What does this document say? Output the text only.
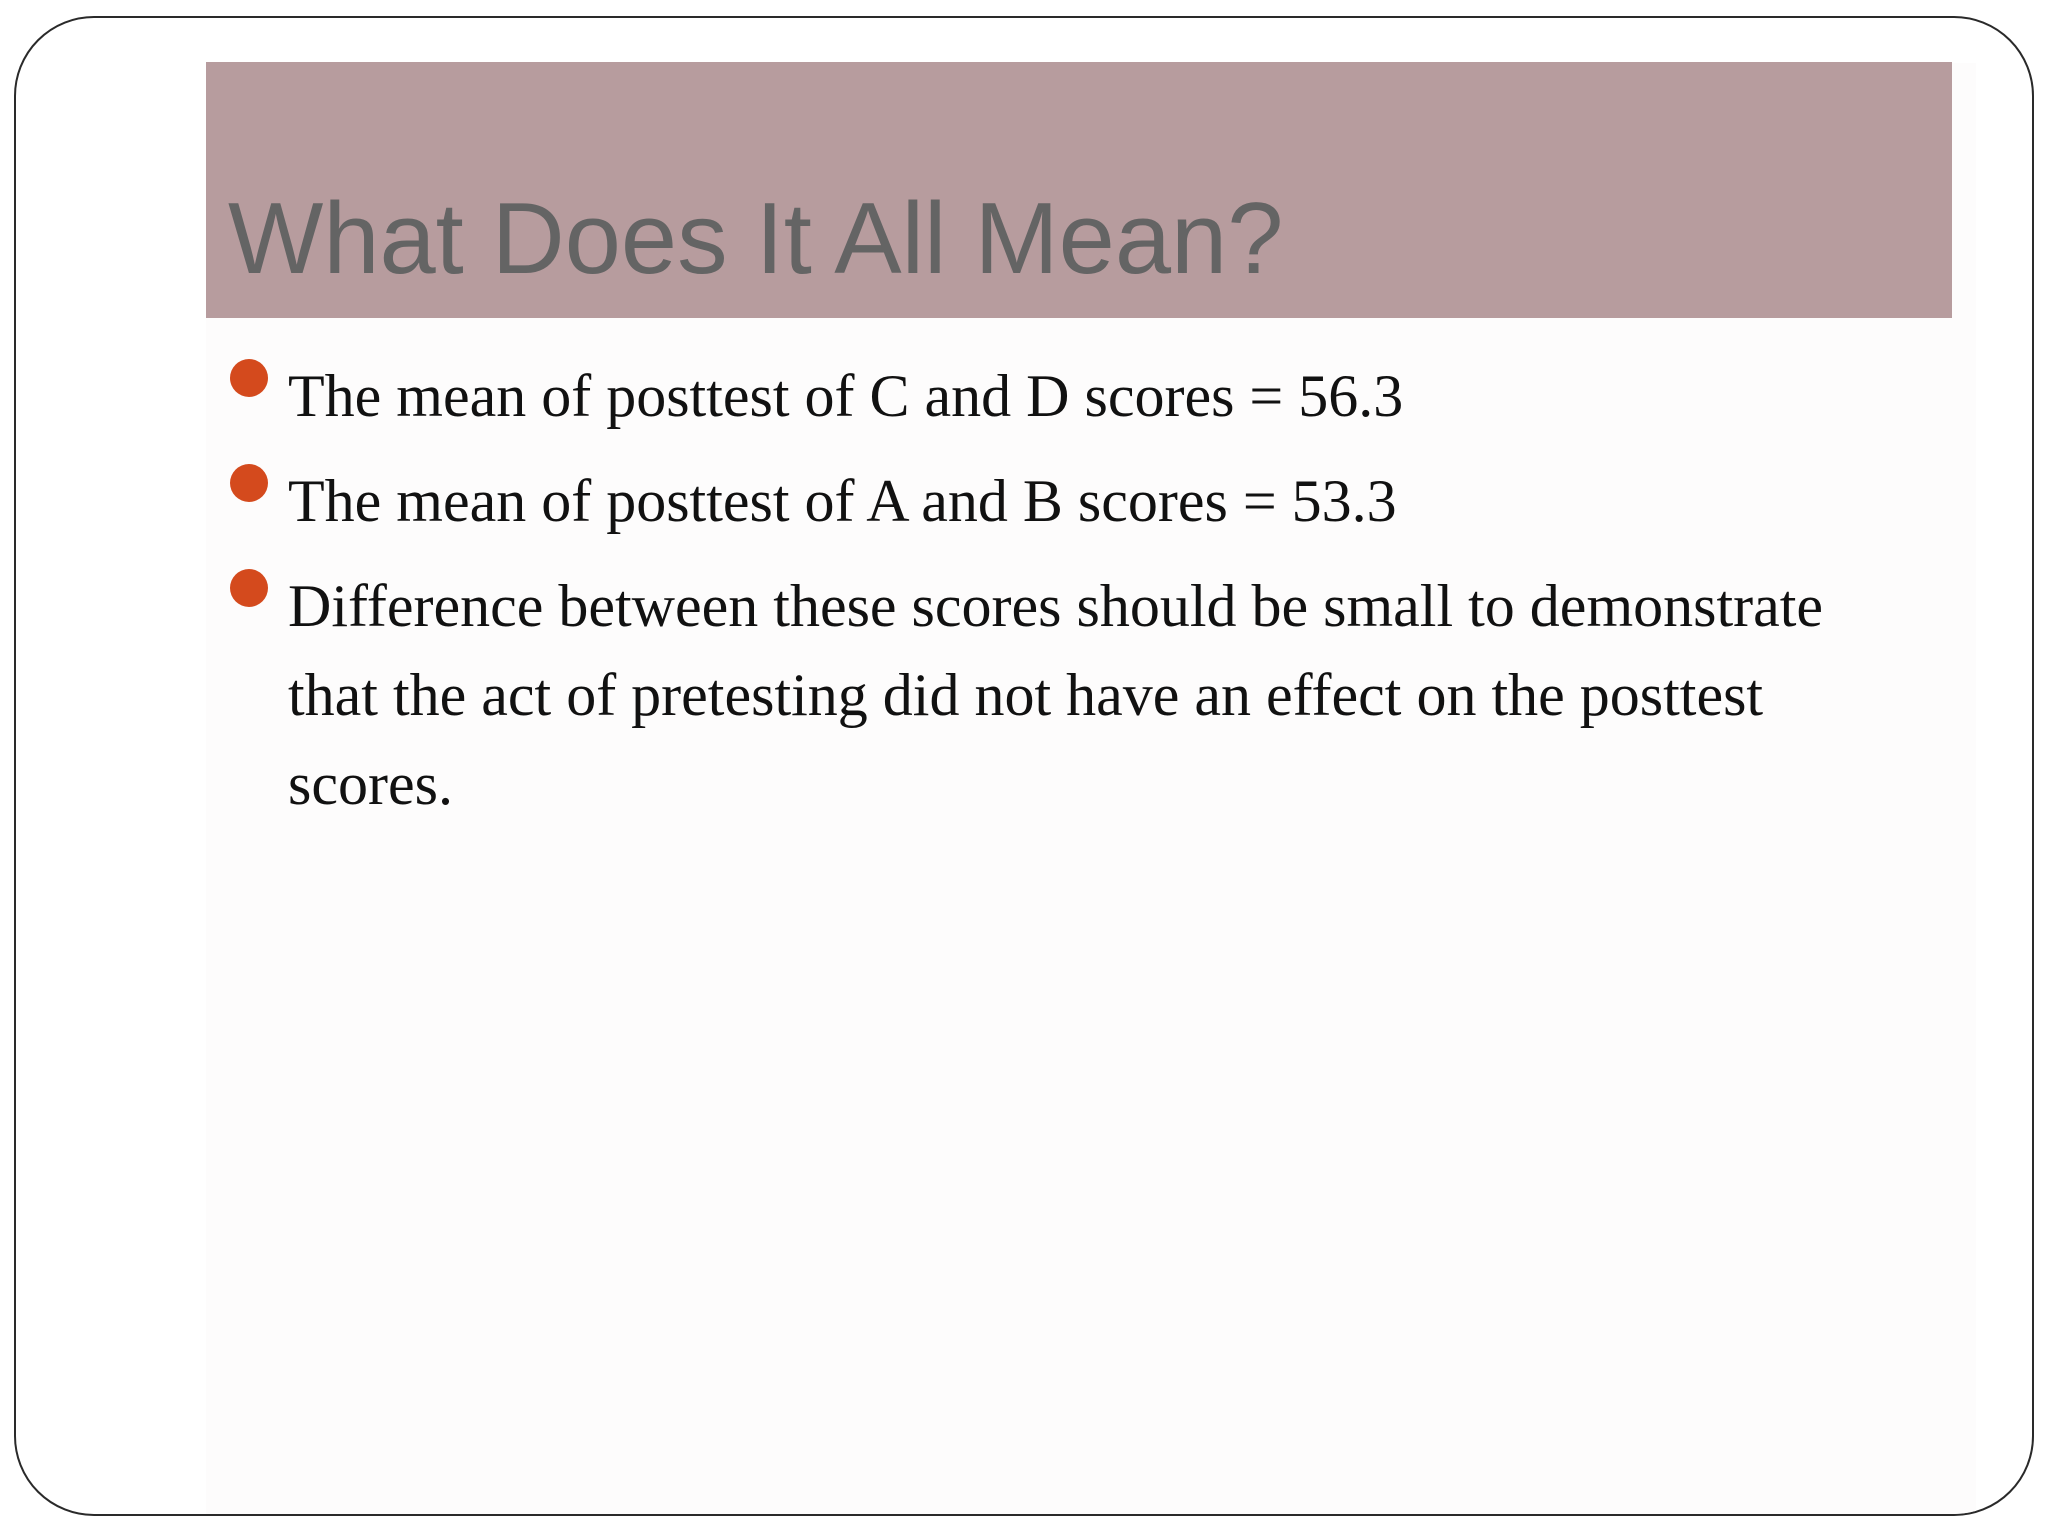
What Does It All Mean?
The mean of posttest of C and D scores = 56.3
The mean of posttest of A and B scores = 53.3
Difference between these scores should be small to demonstrate that the act of pretesting did not have an effect on the posttest scores.
